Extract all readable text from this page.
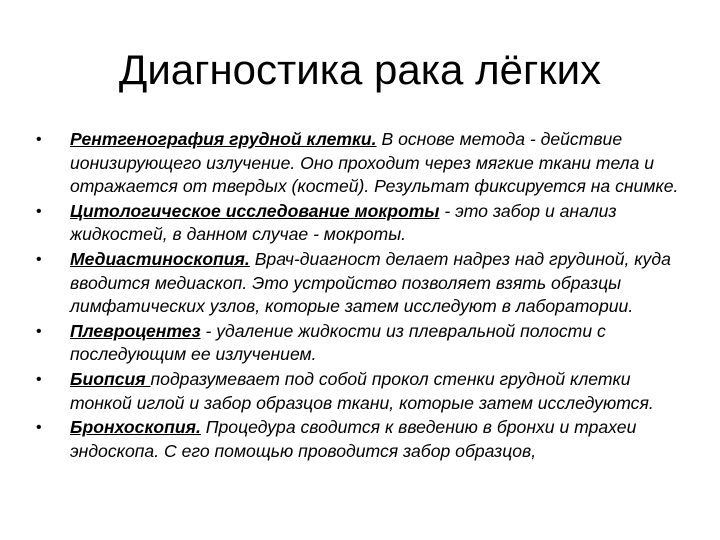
Диагностика рака лёгких
• Рентгенография грудной клетки. В основе метода - действие ионизирующего излучение. Оно проходит через мягкие ткани тела и отражается от твердых (костей). Результат фиксируется на снимке.
• Цитологическое исследование мокроты - это забор и анализ жидкостей, в данном случае - мокроты.
• Медиастиноскопия. Врач-диагност делает надрез над грудиной, куда вводится медиаскоп. Это устройство позволяет взять образцы лимфатических узлов, которые затем исследуют в лаборатории.
• Плевроцентез - удаление жидкости из плевральной полости с последующим ее излучением.
• Биопсия подразумевает под собой прокол стенки грудной клетки тонкой иглой и забор образцов ткани, которые затем исследуются.
• Бронхоскопия. Процедура сводится к введению в бронхи и трахеи эндоскопа. С его помощью проводится забор образцов,
